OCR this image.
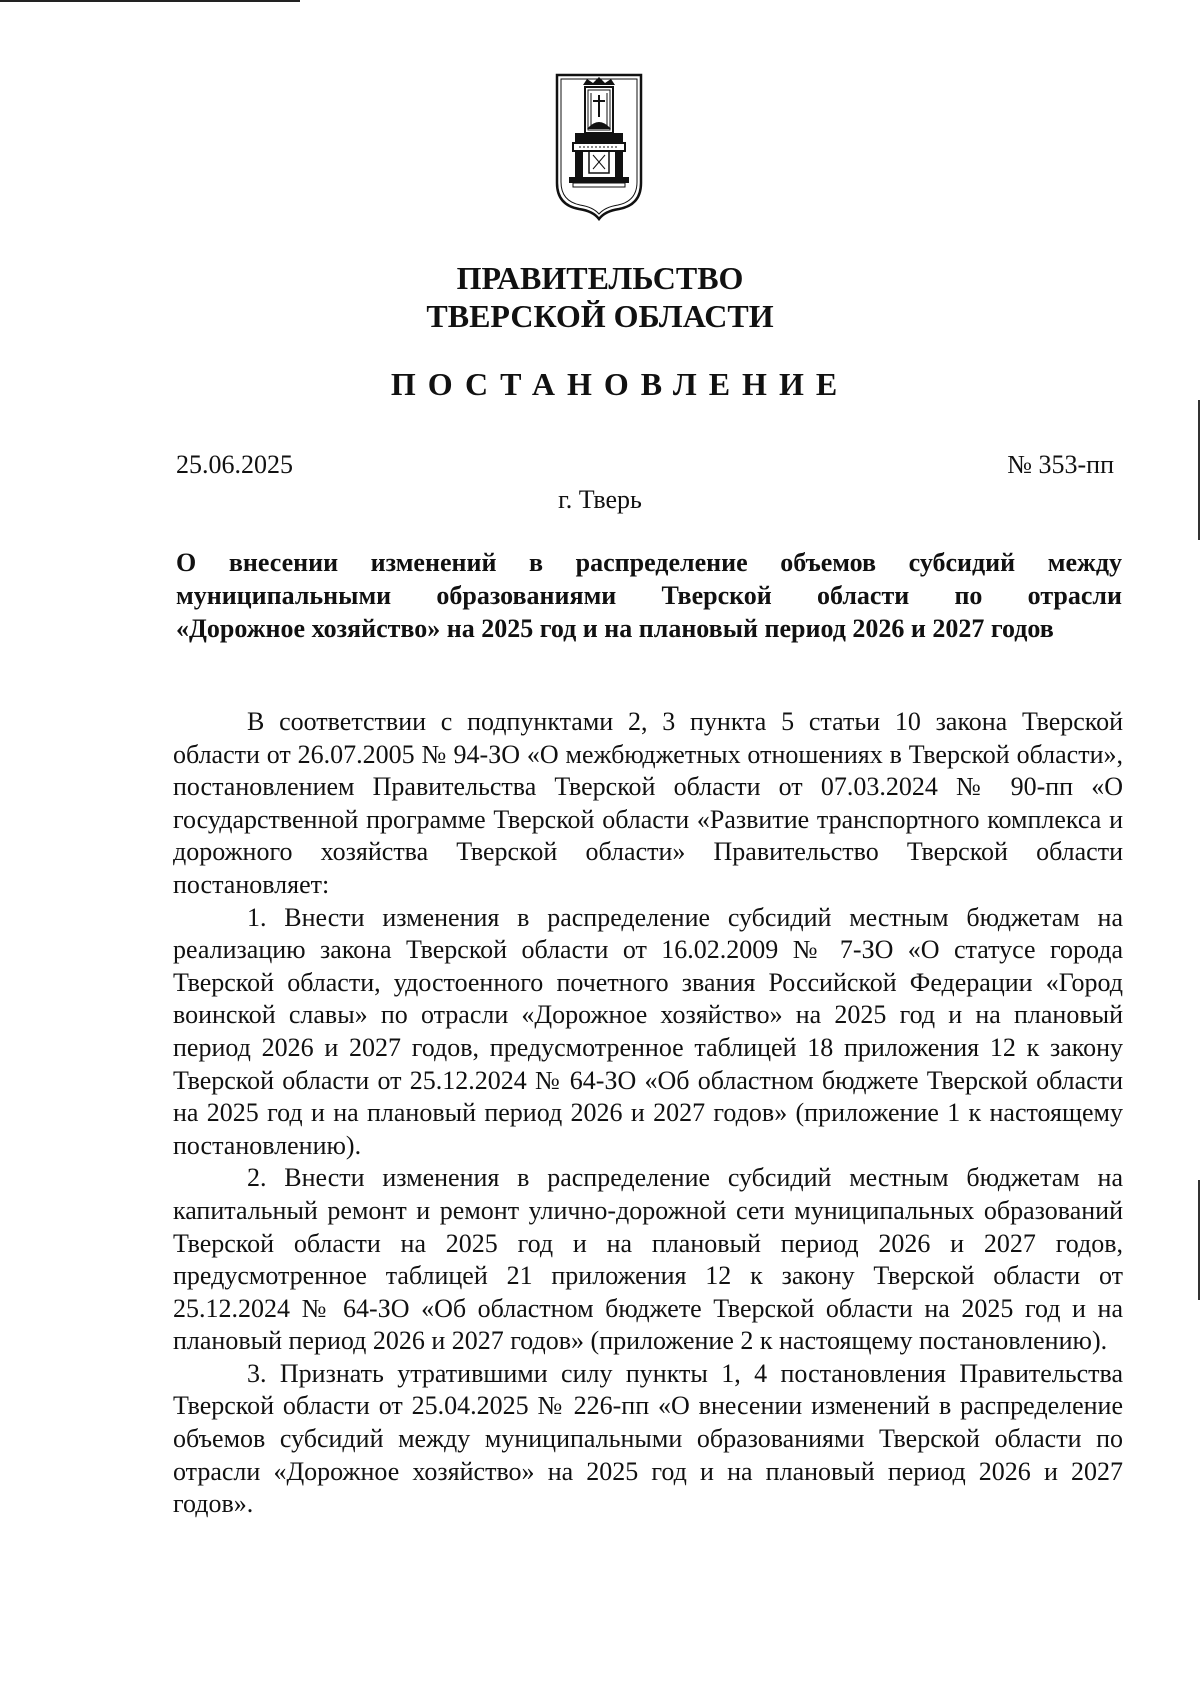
ПРАВИТЕЛЬСТВО
ТВЕРСКОЙ ОБЛАСТИ
ПОСТАНОВЛЕНИЕ
25.06.2025	№ 353-пп
г. Тверь
О внесении изменений в распределение объемов субсидий между
муниципальными образованиями Тверской области по отрасли
«Дорожное хозяйство» на 2025 год и на плановый период 2026 и 2027 годов

В соответствии с подпунктами 2, 3 пункта 5 статьи 10 закона Тверской области от 26.07.2005 № 94-ЗО «О межбюджетных отношениях в Тверской области», постановлением Правительства Тверской области от 07.03.2024 № 90-пп «О государственной программе Тверской области «Развитие транспортного комплекса и дорожного хозяйства Тверской области» Правительство Тверской области постановляет:

1. Внести изменения в распределение субсидий местным бюджетам на реализацию закона Тверской области от 16.02.2009 № 7-ЗО «О статусе города Тверской области, удостоенного почетного звания Российской Федерации «Город воинской славы» по отрасли «Дорожное хозяйство» на 2025 год и на плановый период 2026 и 2027 годов, предусмотренное таблицей 18 приложения 12 к закону Тверской области от 25.12.2024 № 64-ЗО «Об областном бюджете Тверской области на 2025 год и на плановый период 2026 и 2027 годов» (приложение 1 к настоящему постановлению).

2. Внести изменения в распределение субсидий местным бюджетам на капитальный ремонт и ремонт улично-дорожной сети муниципальных образований Тверской области на 2025 год и на плановый период 2026 и 2027 годов, предусмотренное таблицей 21 приложения 12 к закону Тверской области от 25.12.2024 № 64-ЗО «Об областном бюджете Тверской области на 2025 год и на плановый период 2026 и 2027 годов» (приложение 2 к настоящему постановлению).

3. Признать утратившими силу пункты 1, 4 постановления Правительства Тверской области от 25.04.2025 № 226-пп «О внесении изменений в распределение объемов субсидий между муниципальными образованиями Тверской области по отрасли «Дорожное хозяйство» на 2025 год и на плановый период 2026 и 2027 годов».
